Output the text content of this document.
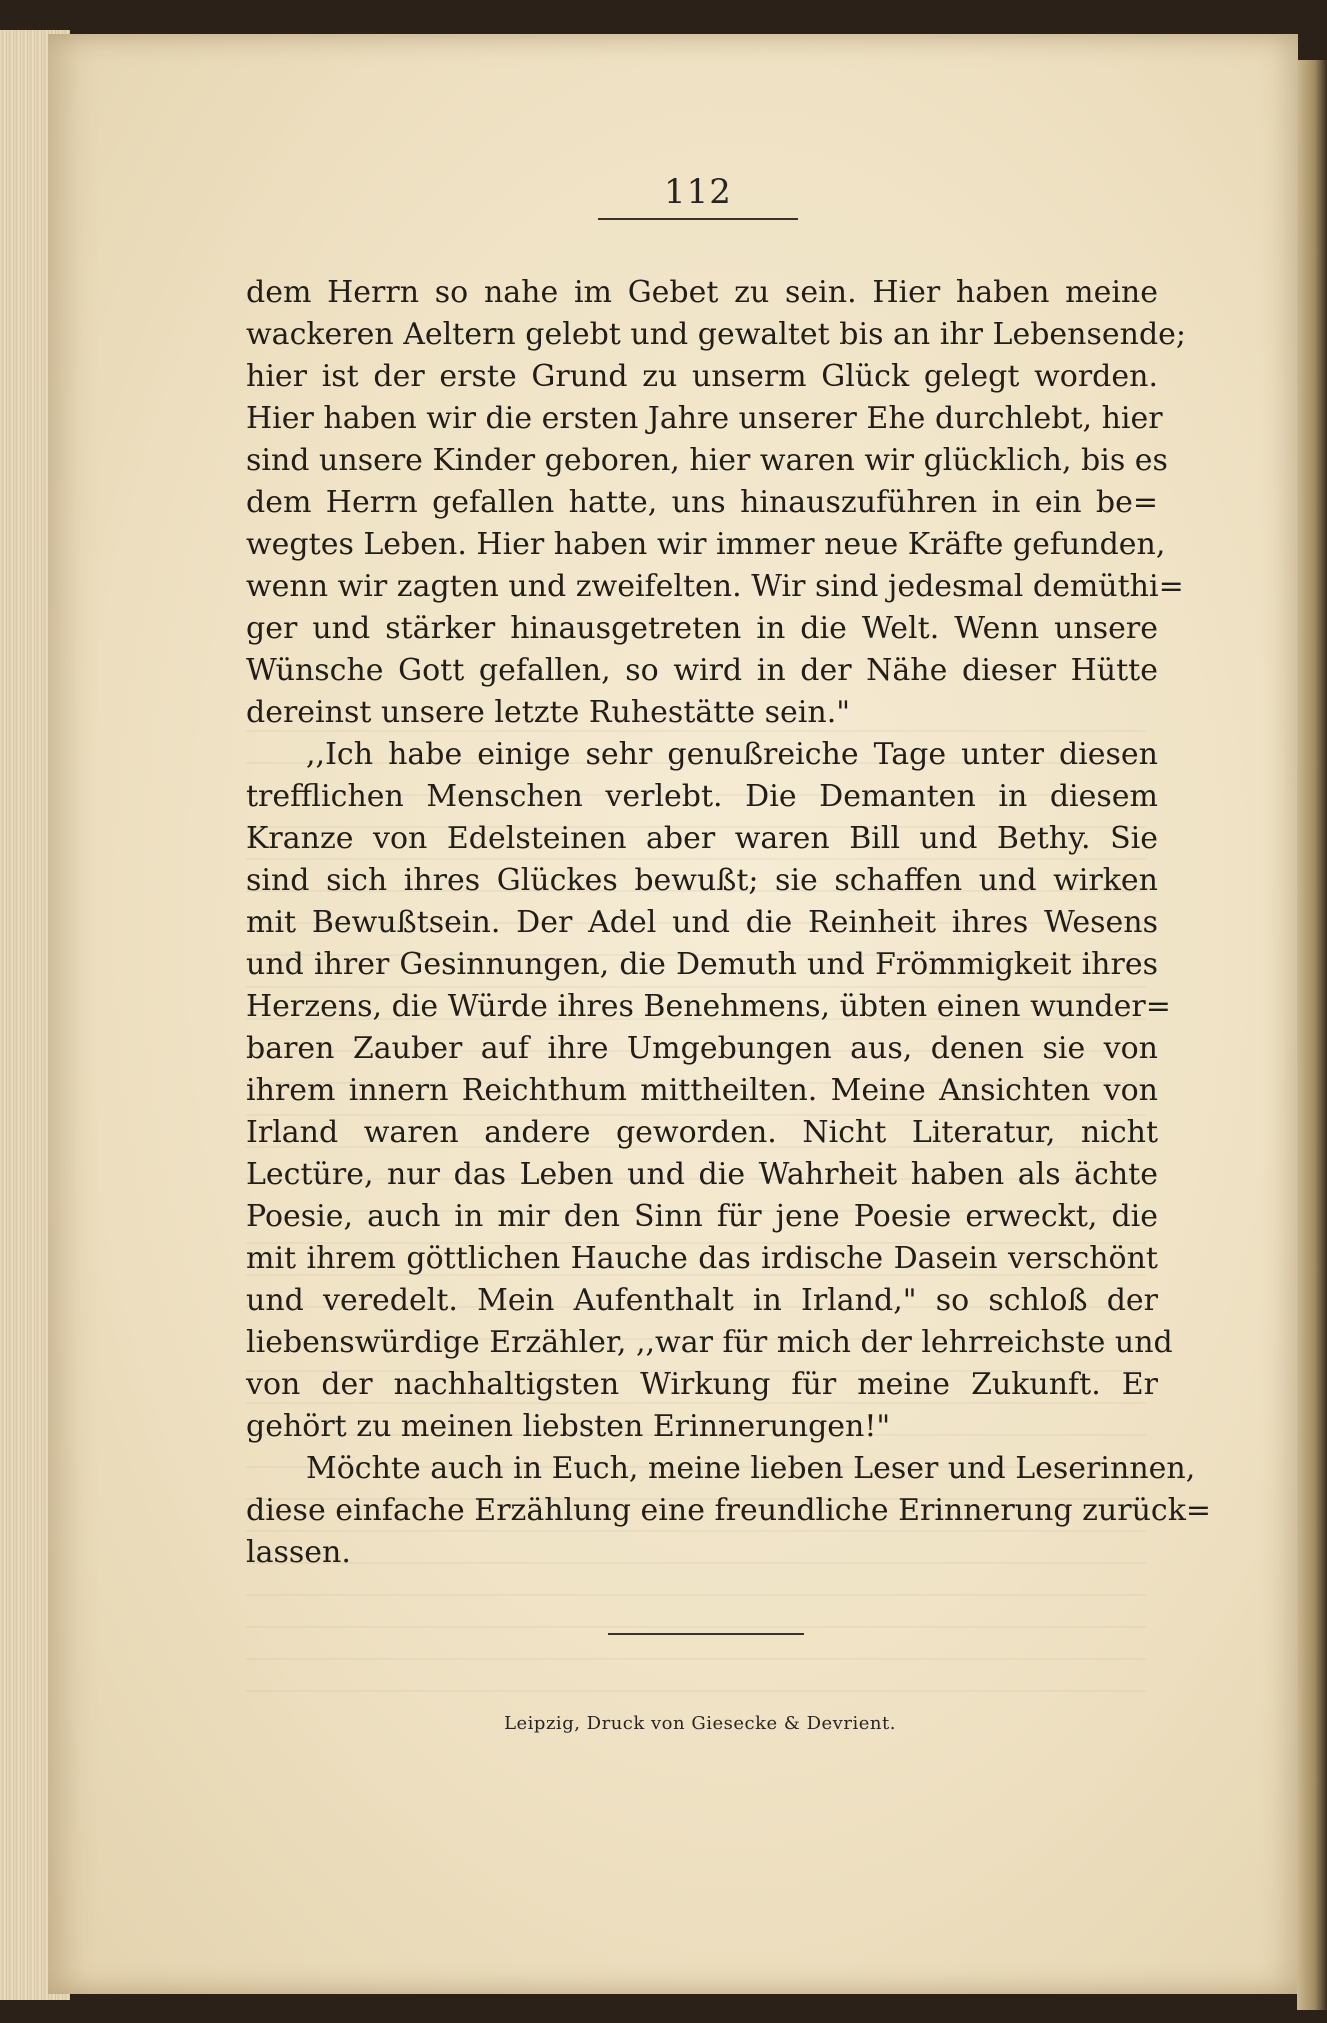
112
dem Herrn so nahe im Gebet zu sein. Hier haben meine
wackeren Aeltern gelebt und gewaltet bis an ihr Lebensende;
hier ist der erste Grund zu unserm Glück gelegt worden.
Hier haben wir die ersten Jahre unserer Ehe durchlebt, hier
sind unsere Kinder geboren, hier waren wir glücklich, bis es
dem Herrn gefallen hatte, uns hinauszuführen in ein be=
wegtes Leben. Hier haben wir immer neue Kräfte gefunden,
wenn wir zagten und zweifelten. Wir sind jedesmal demüthi=
ger und stärker hinausgetreten in die Welt. Wenn unsere
Wünsche Gott gefallen, so wird in der Nähe dieser Hütte
dereinst unsere letzte Ruhestätte sein."
,,Ich habe einige sehr genußreiche Tage unter diesen
trefflichen Menschen verlebt. Die Demanten in diesem
Kranze von Edelsteinen aber waren Bill und Bethy. Sie
sind sich ihres Glückes bewußt; sie schaffen und wirken
mit Bewußtsein. Der Adel und die Reinheit ihres Wesens
und ihrer Gesinnungen, die Demuth und Frömmigkeit ihres
Herzens, die Würde ihres Benehmens, übten einen wunder=
baren Zauber auf ihre Umgebungen aus, denen sie von
ihrem innern Reichthum mittheilten. Meine Ansichten von
Irland waren andere geworden. Nicht Literatur, nicht
Lectüre, nur das Leben und die Wahrheit haben als ächte
Poesie, auch in mir den Sinn für jene Poesie erweckt, die
mit ihrem göttlichen Hauche das irdische Dasein verschönt
und veredelt. Mein Aufenthalt in Irland," so schloß der
liebenswürdige Erzähler, ,,war für mich der lehrreichste und
von der nachhaltigsten Wirkung für meine Zukunft. Er
gehört zu meinen liebsten Erinnerungen!"
Möchte auch in Euch, meine lieben Leser und Leserinnen,
diese einfache Erzählung eine freundliche Erinnerung zurück=
lassen.
Leipzig, Druck von Giesecke & Devrient.
